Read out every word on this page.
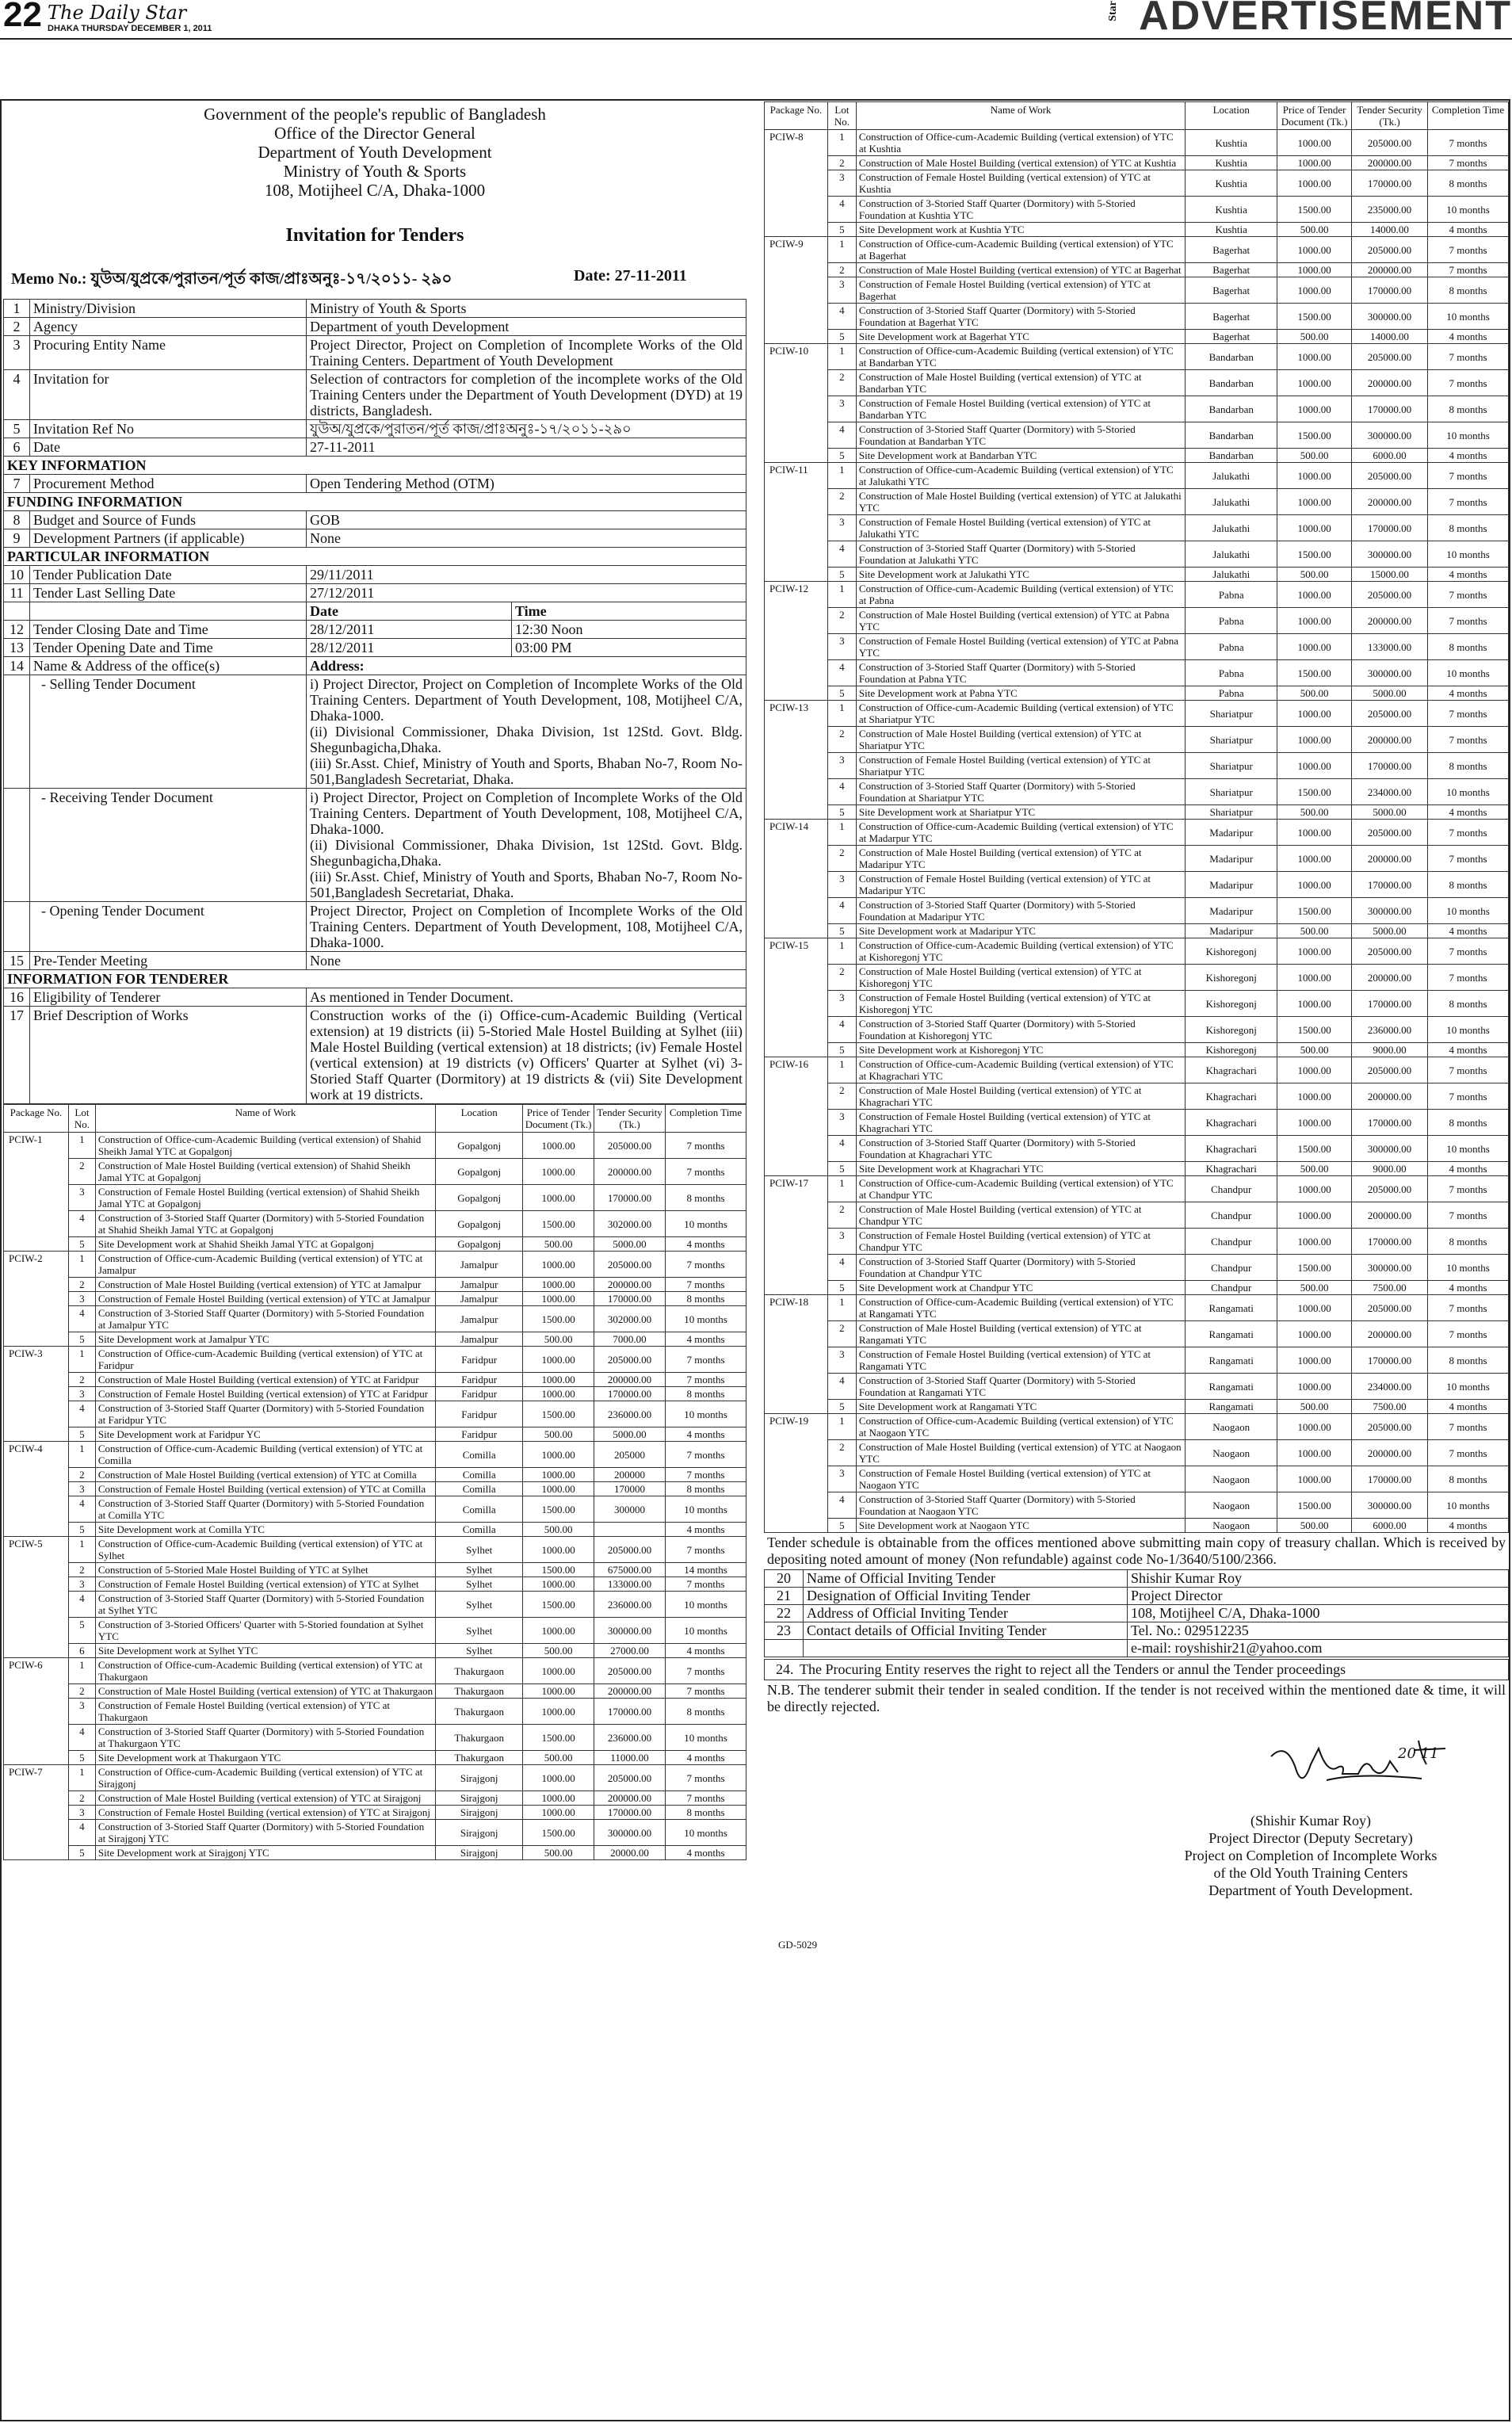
22 The Daily Star
DHAKA THURSDAY DECEMBER 1, 2011
Star ADVERTISEMENT
Government of the people's republic of Bangladesh
Office of the Director General
Department of Youth Development
Ministry of Youth & Sports
108, Motijheel C/A, Dhaka-1000
Invitation for Tenders
Memo No.: যুউঅ/যুপ্রকে/পুরাতন/পূর্ত কাজ/প্রাঃঅনুঃ-১৭/২০১১- ২৯০	Date: 27-11-2011
1	Ministry/Division	Ministry of Youth & Sports	
2	Agency	Department of youth Development	
3	Procuring Entity Name	Project Director, Project on Completion of Incomplete Works of the Old Training Centers. Department of Youth Development	
4	Invitation for	Selection of contractors for completion of the incomplete works of the Old Training Centers under the Department of Youth Development (DYD) at 19 districts, Bangladesh.	
5	Invitation Ref No	যুউঅ/যুপ্রকে/পুরাতন/পূর্ত কাজ/প্রাঃঅনুঃ-১৭/২০১১-২৯০	
6	Date	27-11-2011	
KEY INFORMATION			
7	Procurement Method	Open Tendering Method (OTM)	
FUNDING INFORMATION			
8	Budget and Source of Funds	GOB	
9	Development Partners (if applicable)	None	
PARTICULAR INFORMATION			
10	Tender Publication Date	29/11/2011	
11	Tender Last Selling Date	27/12/2011	
		Date	Time
12	Tender Closing Date and Time	28/12/2011	12:30 Noon
13	Tender Opening Date and Time	28/12/2011	03:00 PM
14	Name & Address of the office(s)	Address:	
	- Selling Tender Document	i) Project Director, Project on Completion of Incomplete Works of the Old Training Centers. Department of Youth Development, 108, Motijheel C/A, Dhaka-1000.
(ii) Divisional Commissioner, Dhaka Division, 1st 12Std. Govt. Bldg. Shegunbagicha,Dhaka.
(iii) Sr.Asst. Chief, Ministry of Youth and Sports, Bhaban No-7, Room No-501,Bangladesh Secretariat, Dhaka.	
	- Receiving Tender Document	i) Project Director, Project on Completion of Incomplete Works of the Old Training Centers. Department of Youth Development, 108, Motijheel C/A, Dhaka-1000.
(ii) Divisional Commissioner, Dhaka Division, 1st 12Std. Govt. Bldg. Shegunbagicha,Dhaka.
(iii) Sr.Asst. Chief, Ministry of Youth and Sports, Bhaban No-7, Room No-501,Bangladesh Secretariat, Dhaka.	
	- Opening Tender Document	Project Director, Project on Completion of Incomplete Works of the Old Training Centers. Department of Youth Development, 108, Motijheel C/A, Dhaka-1000.	
15	Pre-Tender Meeting	None	
INFORMATION FOR TENDERER			
16	Eligibility of Tenderer	As mentioned in Tender Document.	
17	Brief Description of Works	Construction works of the (i) Office-cum-Academic Building (Vertical extension) at 19 districts (ii) 5-Storied Male Hostel Building at Sylhet (iii) Male Hostel Building (vertical extension) at 18 districts; (iv) Female Hostel (vertical extension) at 19 districts (v) Officers' Quarter at Sylhet (vi) 3-Storied Staff Quarter (Dormitory) at 19 districts & (vii) Site Development work at 19 districts.	
Package No.	Lot No.	Name of Work	Location	Price of Tender Document (Tk.)	Tender Security (Tk.)	Completion Time
PCIW-1	1	Construction of Office-cum-Academic Building (vertical extension) of Shahid Sheikh Jamal YTC at Gopalgonj	Gopalgonj	1000.00	205000.00	7 months
	2	Construction of Male Hostel Building (vertical extension) of Shahid Sheikh Jamal YTC at Gopalgonj	Gopalgonj	1000.00	200000.00	7 months
	3	Construction of Female Hostel Building (vertical extension) of Shahid Sheikh Jamal YTC at Gopalgonj	Gopalgonj	1000.00	170000.00	8 months
	4	Construction of 3-Storied Staff Quarter (Dormitory) with 5-Storied Foundation at Shahid Sheikh Jamal YTC at Gopalgonj	Gopalgonj	1500.00	302000.00	10 months
	5	Site Development work at Shahid Sheikh Jamal YTC at Gopalgonj	Gopalgonj	500.00	5000.00	4 months
PCIW-2	1	Construction of Office-cum-Academic Building (vertical extension) of YTC at Jamalpur	Jamalpur	1000.00	205000.00	7 months
	2	Construction of Male Hostel Building (vertical extension) of YTC at Jamalpur	Jamalpur	1000.00	200000.00	7 months
	3	Construction of Female Hostel Building (vertical extension) of YTC at Jamalpur	Jamalpur	1000.00	170000.00	8 months
	4	Construction of 3-Storied Staff Quarter (Dormitory) with 5-Storied Foundation at Jamalpur YTC	Jamalpur	1500.00	302000.00	10 months
	5	Site Development work at Jamalpur YTC	Jamalpur	500.00	7000.00	4 months
PCIW-3	1	Construction of Office-cum-Academic Building (vertical extension) of YTC at Faridpur	Faridpur	1000.00	205000.00	7 months
	2	Construction of Male Hostel Building (vertical extension) of YTC at Faridpur	Faridpur	1000.00	200000.00	7 months
	3	Construction of Female Hostel Building (vertical extension) of YTC at Faridpur	Faridpur	1000.00	170000.00	8 months
	4	Construction of 3-Storied Staff Quarter (Dormitory) with 5-Storied Foundation at Faridpur YTC	Faridpur	1500.00	236000.00	10 months
	5	Site Development work at Faridpur YC	Faridpur	500.00	5000.00	4 months
PCIW-4	1	Construction of Office-cum-Academic Building (vertical extension) of YTC at Comilla	Comilla	1000.00	205000	7 months
	2	Construction of Male Hostel Building (vertical extension) of YTC at Comilla	Comilla	1000.00	200000	7 months
	3	Construction of Female Hostel Building (vertical extension) of YTC at Comilla	Comilla	1000.00	170000	8 months
	4	Construction of 3-Storied Staff Quarter (Dormitory) with 5-Storied Foundation at Comilla YTC	Comilla	1500.00	300000	10 months
	5	Site Development work at Comilla YTC	Comilla	500.00		4 months
PCIW-5	1	Construction of Office-cum-Academic Building (vertical extension) of YTC at Sylhet	Sylhet	1000.00	205000.00	7 months
	2	Construction of 5-Storied Male Hostel Building of YTC at Sylhet	Sylhet	1500.00	675000.00	14 months
	3	Construction of Female Hostel Building (vertical extension) of YTC at Sylhet	Sylhet	1000.00	133000.00	7 months
	4	Construction of 3-Storied Staff Quarter (Dormitory) with 5-Storied Foundation at Sylhet YTC	Sylhet	1500.00	236000.00	10 months
	5	Construction of 3-Storied Officers' Quarter with 5-Storied foundation at Sylhet YTC	Sylhet	1000.00	300000.00	10 months
	6	Site Development work at Sylhet YTC	Sylhet	500.00	27000.00	4 months
PCIW-6	1	Construction of Office-cum-Academic Building (vertical extension) of YTC at Thakurgaon	Thakurgaon	1000.00	205000.00	7 months
	2	Construction of Male Hostel Building (vertical extension) of YTC at Thakurgaon	Thakurgaon	1000.00	200000.00	7 months
	3	Construction of Female Hostel Building (vertical extension) of YTC at Thakurgaon	Thakurgaon	1000.00	170000.00	8 months
	4	Construction of 3-Storied Staff Quarter (Dormitory) with 5-Storied Foundation at Thakurgaon YTC	Thakurgaon	1500.00	236000.00	10 months
	5	Site Development work at Thakurgaon YTC	Thakurgaon	500.00	11000.00	4 months
PCIW-7	1	Construction of Office-cum-Academic Building (vertical extension) of YTC at Sirajgonj	Sirajgonj	1000.00	205000.00	7 months
	2	Construction of Male Hostel Building (vertical extension) of YTC at Sirajgonj	Sirajgonj	1000.00	200000.00	7 months
	3	Construction of Female Hostel Building (vertical extension) of YTC at Sirajgonj	Sirajgonj	1000.00	170000.00	8 months
	4	Construction of 3-Storied Staff Quarter (Dormitory) with 5-Storied Foundation at Sirajgonj YTC	Sirajgonj	1500.00	300000.00	10 months
	5	Site Development work at Sirajgonj YTC	Sirajgonj	500.00	20000.00	4 months
Package No.	Lot No.	Name of Work	Location	Price of Tender Document (Tk.)	Tender Security (Tk.)	Completion Time
PCIW-8	1	Construction of Office-cum-Academic Building (vertical extension) of YTC at Kushtia	Kushtia	1000.00	205000.00	7 months
	2	Construction of Male Hostel Building (vertical extension) of YTC at Kushtia	Kushtia	1000.00	200000.00	7 months
	3	Construction of Female Hostel Building (vertical extension) of YTC at Kushtia	Kushtia	1000.00	170000.00	8 months
	4	Construction of 3-Storied Staff Quarter (Dormitory) with 5-Storied Foundation at Kushtia YTC	Kushtia	1500.00	235000.00	10 months
	5	Site Development work at Kushtia YTC	Kushtia	500.00	14000.00	4 months
PCIW-9	1	Construction of Office-cum-Academic Building (vertical extension) of YTC at Bagerhat	Bagerhat	1000.00	205000.00	7 months
	2	Construction of Male Hostel Building (vertical extension) of YTC at Bagerhat	Bagerhat	1000.00	200000.00	7 months
	3	Construction of Female Hostel Building (vertical extension) of YTC at Bagerhat	Bagerhat	1000.00	170000.00	8 months
	4	Construction of 3-Storied Staff Quarter (Dormitory) with 5-Storied Foundation at Bagerhat YTC	Bagerhat	1500.00	300000.00	10 months
	5	Site Development work at Bagerhat YTC	Bagerhat	500.00	14000.00	4 months
PCIW-10	1	Construction of Office-cum-Academic Building (vertical extension) of YTC at Bandarban YTC	Bandarban	1000.00	205000.00	7 months
	2	Construction of Male Hostel Building (vertical extension) of YTC at Bandarban YTC	Bandarban	1000.00	200000.00	7 months
	3	Construction of Female Hostel Building (vertical extension) of YTC at Bandarban YTC	Bandarban	1000.00	170000.00	8 months
	4	Construction of 3-Storied Staff Quarter (Dormitory) with 5-Storied Foundation at Bandarban YTC	Bandarban	1500.00	300000.00	10 months
	5	Site Development work at Bandarban YTC	Bandarban	500.00	6000.00	4 months
PCIW-11	1	Construction of Office-cum-Academic Building (vertical extension) of YTC at Jalukathi YTC	Jalukathi	1000.00	205000.00	7 months
	2	Construction of Male Hostel Building (vertical extension) of YTC at Jalukathi YTC	Jalukathi	1000.00	200000.00	7 months
	3	Construction of Female Hostel Building (vertical extension) of YTC at Jalukathi YTC	Jalukathi	1000.00	170000.00	8 months
	4	Construction of 3-Storied Staff Quarter (Dormitory) with 5-Storied Foundation at Jalukathi YTC	Jalukathi	1500.00	300000.00	10 months
	5	Site Development work at Jalukathi YTC	Jalukathi	500.00	15000.00	4 months
PCIW-12	1	Construction of Office-cum-Academic Building (vertical extension) of YTC at Pabna	Pabna	1000.00	205000.00	7 months
	2	Construction of Male Hostel Building (vertical extension) of YTC at Pabna YTC	Pabna	1000.00	200000.00	7 months
	3	Construction of Female Hostel Building (vertical extension) of YTC at Pabna YTC	Pabna	1000.00	133000.00	8 months
	4	Construction of 3-Storied Staff Quarter (Dormitory) with 5-Storied Foundation at Pabna YTC	Pabna	1500.00	300000.00	10 months
	5	Site Development work at Pabna YTC	Pabna	500.00	5000.00	4 months
PCIW-13	1	Construction of Office-cum-Academic Building (vertical extension) of YTC at Shariatpur YTC	Shariatpur	1000.00	205000.00	7 months
	2	Construction of Male Hostel Building (vertical extension) of YTC at Shariatpur YTC	Shariatpur	1000.00	200000.00	7 months
	3	Construction of Female Hostel Building (vertical extension) of YTC at Shariatpur YTC	Shariatpur	1000.00	170000.00	8 months
	4	Construction of 3-Storied Staff Quarter (Dormitory) with 5-Storied Foundation at Shariatpur YTC	Shariatpur	1500.00	234000.00	10 months
	5	Site Development work at Shariatpur YTC	Shariatpur	500.00	5000.00	4 months
PCIW-14	1	Construction of Office-cum-Academic Building (vertical extension) of YTC at Madarpur YTC	Madaripur	1000.00	205000.00	7 months
	2	Construction of Male Hostel Building (vertical extension) of YTC at Madaripur YTC	Madaripur	1000.00	200000.00	7 months
	3	Construction of Female Hostel Building (vertical extension) of YTC at Madaripur YTC	Madaripur	1000.00	170000.00	8 months
	4	Construction of 3-Storied Staff Quarter (Dormitory) with 5-Storied Foundation at Madaripur YTC	Madaripur	1500.00	300000.00	10 months
	5	Site Development work at Madaripur YTC	Madaripur	500.00	5000.00	4 months
PCIW-15	1	Construction of Office-cum-Academic Building (vertical extension) of YTC at Kishoregonj YTC	Kishoregonj	1000.00	205000.00	7 months
	2	Construction of Male Hostel Building (vertical extension) of YTC at Kishoregonj YTC	Kishoregonj	1000.00	200000.00	7 months
	3	Construction of Female Hostel Building (vertical extension) of YTC at Kishoregonj YTC	Kishoregonj	1000.00	170000.00	8 months
	4	Construction of 3-Storied Staff Quarter (Dormitory) with 5-Storied Foundation at Kishoregonj YTC	Kishoregonj	1500.00	236000.00	10 months
	5	Site Development work at Kishoregonj YTC	Kishoregonj	500.00	9000.00	4 months
PCIW-16	1	Construction of Office-cum-Academic Building (vertical extension) of YTC at Khagrachari YTC	Khagrachari	1000.00	205000.00	7 months
	2	Construction of Male Hostel Building (vertical extension) of YTC at Khagrachari YTC	Khagrachari	1000.00	200000.00	7 months
	3	Construction of Female Hostel Building (vertical extension) of YTC at Khagrachari YTC	Khagrachari	1000.00	170000.00	8 months
	4	Construction of 3-Storied Staff Quarter (Dormitory) with 5-Storied Foundation at Khagrachari YTC	Khagrachari	1500.00	300000.00	10 months
	5	Site Development work at Khagrachari YTC	Khagrachari	500.00	9000.00	4 months
PCIW-17	1	Construction of Office-cum-Academic Building (vertical extension) of YTC at Chandpur YTC	Chandpur	1000.00	205000.00	7 months
	2	Construction of Male Hostel Building (vertical extension) of YTC at Chandpur YTC	Chandpur	1000.00	200000.00	7 months
	3	Construction of Female Hostel Building (vertical extension) of YTC at Chandpur YTC	Chandpur	1000.00	170000.00	8 months
	4	Construction of 3-Storied Staff Quarter (Dormitory) with 5-Storied Foundation at Chandpur YTC	Chandpur	1500.00	300000.00	10 months
	5	Site Development work at Chandpur YTC	Chandpur	500.00	7500.00	4 months
PCIW-18	1	Construction of Office-cum-Academic Building (vertical extension) of YTC at Rangamati YTC	Rangamati	1000.00	205000.00	7 months
	2	Construction of Male Hostel Building (vertical extension) of YTC at Rangamati YTC	Rangamati	1000.00	200000.00	7 months
	3	Construction of Female Hostel Building (vertical extension) of YTC at Rangamati YTC	Rangamati	1000.00	170000.00	8 months
	4	Construction of 3-Storied Staff Quarter (Dormitory) with 5-Storied Foundation at Rangamati YTC	Rangamati	1000.00	234000.00	10 months
	5	Site Development work at Rangamati YTC	Rangamati	500.00	7500.00	4 months
PCIW-19	1	Construction of Office-cum-Academic Building (vertical extension) of YTC at Naogaon YTC	Naogaon	1000.00	205000.00	7 months
	2	Construction of Male Hostel Building (vertical extension) of YTC at Naogaon YTC	Naogaon	1000.00	200000.00	7 months
	3	Construction of Female Hostel Building (vertical extension) of YTC at Naogaon YTC	Naogaon	1000.00	170000.00	8 months
	4	Construction of 3-Storied Staff Quarter (Dormitory) with 5-Storied Foundation at Naogaon YTC	Naogaon	1500.00	300000.00	10 months
	5	Site Development work at Naogaon YTC	Naogaon	500.00	6000.00	4 months
Tender schedule is obtainable from the offices mentioned above submitting main copy of treasury challan. Which is received by depositing noted amount of money (Non refundable) against code No-1/3640/5100/2366.
20	Name of Official Inviting Tender	Shishir Kumar Roy
21	Designation of Official Inviting Tender	Project Director
22	Address of Official Inviting Tender	108, Motijheel C/A, Dhaka-1000
23	Contact details of Official Inviting Tender	Tel. No.: 029512235
		e-mail: royshishir21@yahoo.com
24. The Procuring Entity reserves the right to reject all the Tenders or annul the Tender proceedings
N.B. The tenderer submit their tender in sealed condition. If the tender is not received within the mentioned date & time, it will be directly rejected.
20 11
(Shishir Kumar Roy)
Project Director (Deputy Secretary)
Project on Completion of Incomplete Works
of the Old Youth Training Centers
Department of Youth Development.
GD-5029
